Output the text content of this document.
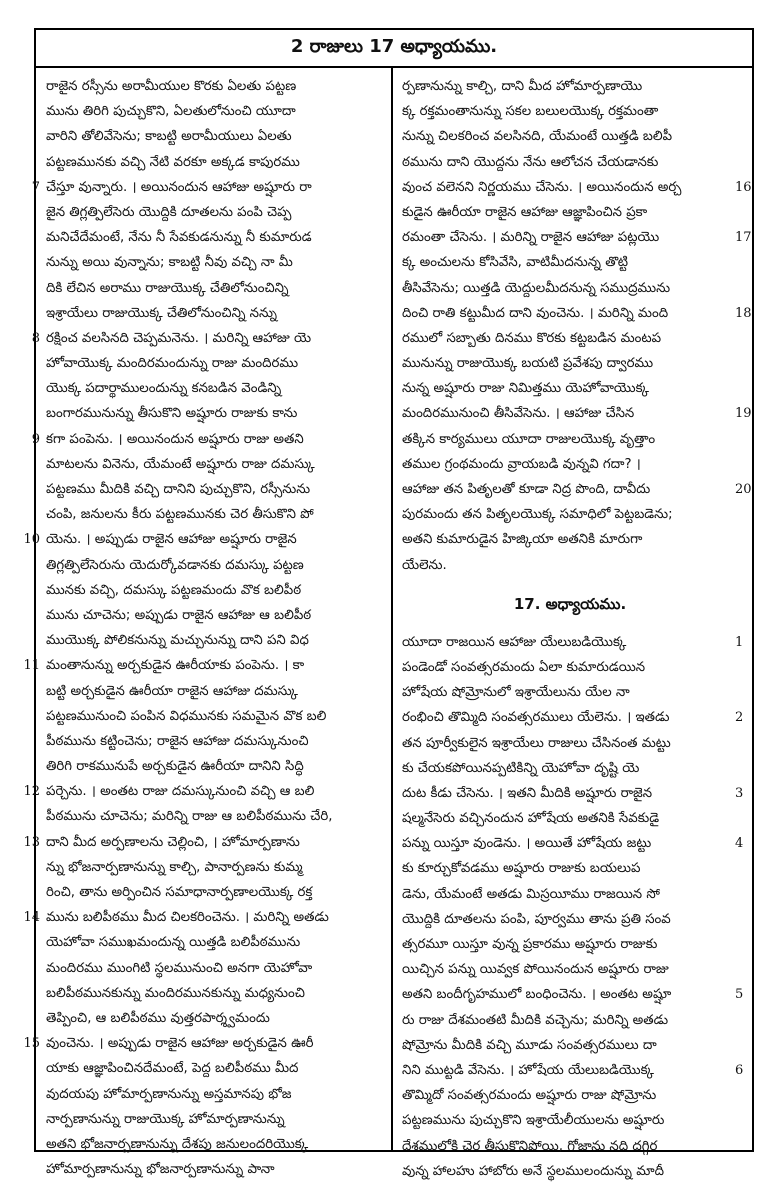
2 రాజులు 17 అధ్యాయము.
రాజైన రస్సీను అరామీయుల కొరకు ఏలతు పట్టణ
మును తిరిగి పుచ్చుకొని, ఏలతులోనుంచి యూదా
వారిని తోలివేసెను; కాబట్టి అరామీయులు ఏలతు
పట్టణమునకు వచ్చి నేటి వరకూ అక్కడ కాపురము
7 చేస్తూ వున్నారు. । అయినందున ఆహాజు అష్షూరు రా
జైన తిగ్లత్పిలేసెరు యొద్దికి దూతలను పంపి చెప్ప
మనిచేదేమంటే, నేను నీ సేవకుడనున్ను నీ కుమారుడ
నున్ను అయి వున్నాను; కాబట్టి నీవు వచ్చి నా మీ
దికి లేచిన అరాము రాజుయొక్క చేతిలోనుంచిన్ని
ఇశ్రాయేలు రాజుయొక్క చేతిలోనుంచిన్ని నన్ను
8 రక్షించ వలసినది చెప్పమనెను. । మరిన్ని ఆహాజు యె
హోవాయొక్క మందిరమందున్ను రాజు మందిరము
యొక్క పదార్థాములందున్ను కనబడిన వెండిన్ని
బంగారమునున్ను తీసుకొని అష్షూరు రాజుకు కాను
9 కగా పంపెను. । అయినందున అష్షూరు రాజు అతని
మాటలను వినెను, యేమంటే అష్షూరు రాజు దమస్కు
పట్టణము మీదికి వచ్చి దానిని పుచ్చుకొని, రస్సీనును
చంపి, జనులను కీరు పట్టణమునకు చెర తీసుకొని పో
10 యెను. । అప్పుడు రాజైన ఆహాజు అష్షూరు రాజైన
తిగ్లత్పిలేసెరును యెదుర్కోవడానకు దమస్కు పట్టణ
మునకు వచ్చి, దమస్కు పట్టణమందు వొక బలిపీఠ
మును చూచెను; అప్పుడు రాజైన ఆహాజు ఆ బలిపీఠ
ముయొక్క పోలికనున్ను మచ్చునున్ను దాని పని విధ
11 మంతానున్ను అర్చకుడైన ఊరీయాకు పంపెను. । కా
బట్టి అర్చకుడైన ఊరీయా రాజైన ఆహాజు దమస్కు
పట్టణమునుంచి పంపిన విధమునకు సమమైన వొక బలి
పీఠమును కట్టించెను; రాజైన ఆహాజు దమస్కునుంచి
తిరిగి రాకమునుపే అర్చకుడైన ఊరీయా దానిని సిద్ధి
12 పర్చెను. । అంతట రాజు దమస్కునుంచి వచ్చి ఆ బలి
పీఠమును చూచెను; మరిన్ని రాజు ఆ బలిపీఠమును చేరి,
13 దాని మీద అర్పణాలను చెల్లించి, । హోమార్పణాను
న్ను భోజనార్పణానున్ను కాల్చి, పానార్పణను కుమ్మ
రించి, తాను అర్పించిన సమాధానార్పణాలయొక్క రక్త
14 మును బలిపీఠము మీద చిలకరించెను. । మరిన్ని అతడు
యెహోవా సముఖమందున్న యిత్తడి బలిపీఠమును
మందిరము ముంగిటి స్థలమునుంచి అనగా యెహోవా
బలిపీఠమునకున్ను మందిరమునకున్ను మధ్యనుంచి
తెప్పించి, ఆ బలిపీఠము వుత్తరపార్శ్వమందు
15 వుంచెను. । అప్పుడు రాజైన ఆహాజు అర్చకుడైన ఊరీ
యాకు ఆజ్ఞాపించినదేమంటే, పెద్ద బలిపీఠము మీద
వుదయపు హోమార్పణానున్ను అస్తమానపు భోజ
నార్పణానున్ను రాజుయొక్క హోమార్పణానున్ను
అతని భోజనార్పణానున్ను దేశపు జనులందరియొక్క
హోమార్పణానున్ను భోజనార్పణానున్ను పానా
ర్పణానున్ను కాల్చి, దాని మీద హోమార్పణాయొ
క్క రక్తమంతానున్ను సకల బలులయొక్క రక్తమంతా
నున్ను చిలకరించ వలసినది, యేమంటే యిత్తడి బలిపీ
ఠమును దాని యొద్దను నేను ఆలోచన చేయడానకు
వుంచ వలెనని నిర్ణయము చేసెను. । అయినందున అర్చ	16
కుడైన ఊరీయా రాజైన ఆహాజు ఆజ్ఞాపించిన ప్రకా
రమంతా చేసెను. । మరిన్ని రాజైన ఆహాజు పట్లయొ	17
క్క అంచులను కోసివేసి, వాటిమీదనున్న తొట్టి
తీసివేసెను; యిత్తడి యెద్దులమీదనున్న సముద్రమును
దించి రాతి కట్టుమీద దాని వుంచెను. । మరిన్ని మంది	18
రములో సబ్బాతు దినము కొరకు కట్టబడిన మంటప
మునున్ను రాజుయొక్క బయటి ప్రవేశపు ద్వారము
నున్న అష్షూరు రాజు నిమిత్తము యెహోవాయొక్క
మందిరమునుంచి తీసివేసెను. । ఆహాజు చేసిన	19
తక్కిన కార్యములు యూదా రాజులయొక్క వృత్తాం
తముల గ్రంథమందు వ్రాయబడి వున్నవి గదా? ।
ఆహాజు తన పితృలతో కూడా నిద్ర పొంది, దావీదు	20
పురమందు తన పితృలయొక్క సమాధిలో పెట్టబడెను;
అతని కుమారుడైన హిజ్కియా అతనికి మారుగా
యేలెను.
17. అధ్యాయము.
యూదా రాజయిన ఆహాజు యేలుబడియొక్క	1
పండెండో సంవత్సరమందు ఏలా కుమారుడయిన
హోషేయ షోమ్రోనులో ఇశ్రాయేలును యేల నా
రంభించి తొమ్మిది సంవత్సరములు యేలెను. । ఇతడు	2
తన పూర్వీకులైన ఇశ్రాయేలు రాజులు చేసినంత మట్టు
కు చేయకపోయినప్పటికిన్ని యెహోవా దృష్టి యె
దుట కీడు చేసెను. । ఇతని మీదికి అష్షూరు రాజైన	3
షల్మనేసెరు వచ్చినందున హోషేయ అతనికి సేవకుడై
పన్ను యిస్తూ వుండెను. । అయితే హోషేయ జట్టు	4
కు కూర్చుకోవడము అష్షూరు రాజుకు బయలుప
డెను, యేమంటే అతడు మిస్రయీము రాజయిన సో
యొద్దికి దూతలను పంపి, పూర్వము తాను ప్రతి సంవ
త్సరమూ యిస్తూ వున్న ప్రకారము అష్షూరు రాజుకు
యిచ్చిన పన్ను యివ్వక పోయినందున అష్షూరు రాజు
అతని బందీగృహములో బంధించెను. । అంతట అష్షూ	5
రు రాజు దేశమంతటి మీదికి వచ్చెను; మరిన్ని అతడు
షోమ్రోను మీదికి వచ్చి మూడు సంవత్సరములు దా
నిని ముట్టడి వేసెను. । హోషేయ యేలుబడియొక్క	6
తొమ్మిదో సంవత్సరమందు అష్షూరు రాజు షోమ్రోను
పట్టణమును పుచ్చుకొని ఇశ్రాయేలీయులను అష్షూరు
దేశములోకి చెర తీసుకొనిపోయి, గోజాను నది దగ్గిర
వున్న హాలహు హాబోరు అనే స్థలములందున్ను మాదీ
